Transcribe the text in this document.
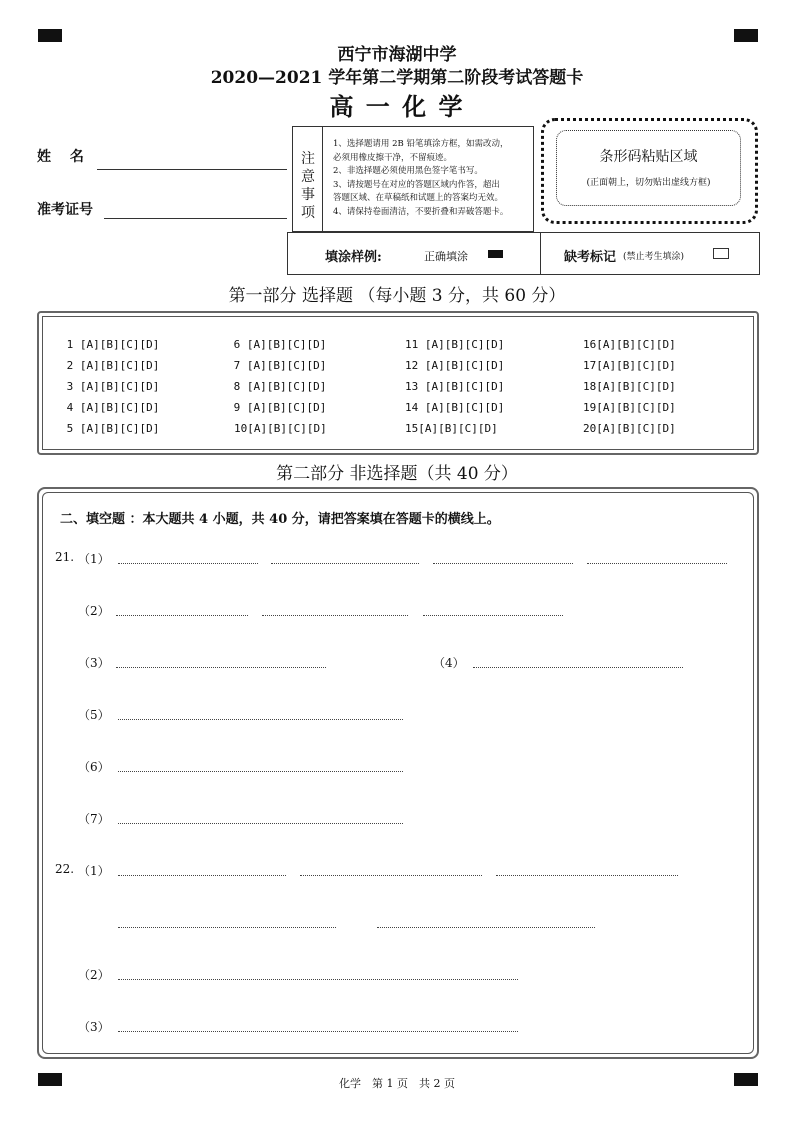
西宁市海湖中学
2020—2021 学年第二学期第二阶段考试答题卡
高 一 化 学
姓　 名
准考证号
注
意
事
项
1、选择题请用 2B 铅笔填涂方框，如需改动，
必须用橡皮擦干净，不留痕迹。
2、非选择题必须使用黑色签字笔书写。
3、请按题号在对应的答题区域内作答，超出
答题区域、在草稿纸和试题上的答案均无效。
4、请保持卷面清洁，不要折叠和弄破答题卡。
条形码粘贴区域
(正面朝上，切勿贴出虚线方框)
填涂样例:	正确填涂	缺考标记 (禁止考生填涂)
第一部分 选择题 （每小题 3 分，共 60 分）
1 [A][B][C][D]
2 [A][B][C][D]
3 [A][B][C][D]
4 [A][B][C][D]
5 [A][B][C][D]
6 [A][B][C][D]
7 [A][B][C][D]
8 [A][B][C][D]
9 [A][B][C][D]
10[A][B][C][D]
11 [A][B][C][D]
12 [A][B][C][D]
13 [A][B][C][D]
14 [A][B][C][D]
15[A][B][C][D]
16[A][B][C][D]
17[A][B][C][D]
18[A][B][C][D]
19[A][B][C][D]
20[A][B][C][D]
第二部分 非选择题（共 40 分）
二、填空题 ：本大题共 4 小题，共 40 分，请把答案填在答题卡的横线上。
21. （1）
（2）
（3）	（4）
（5）
（6）
（7）
22. （1）
（2）
（3）
化学　第 1 页　共 2 页
